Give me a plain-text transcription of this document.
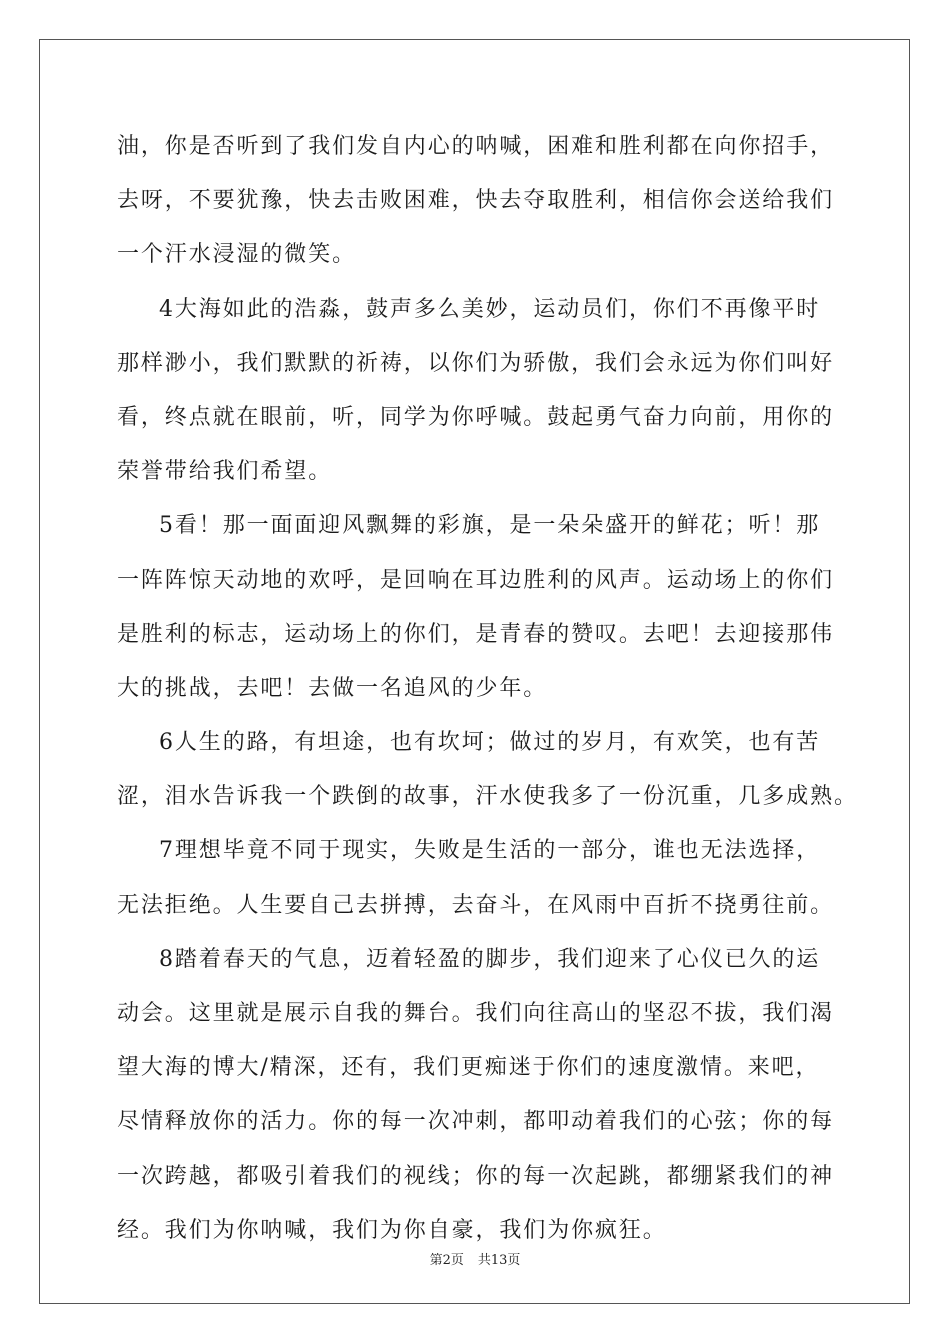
油，你是否听到了我们发自内心的呐喊，困难和胜利都在向你招手，
去呀，不要犹豫，快去击败困难，快去夺取胜利，相信你会送给我们
一个汗水浸湿的微笑。
4大海如此的浩淼，鼓声多么美妙，运动员们，你们不再像平时
那样渺小，我们默默的祈祷，以你们为骄傲，我们会永远为你们叫好
看，终点就在眼前，听，同学为你呼喊。鼓起勇气奋力向前，用你的
荣誉带给我们希望。
5看！那一面面迎风飘舞的彩旗，是一朵朵盛开的鲜花；听！那
一阵阵惊天动地的欢呼，是回响在耳边胜利的风声。运动场上的你们
是胜利的标志，运动场上的你们，是青春的赞叹。去吧！去迎接那伟
大的挑战，去吧！去做一名追风的少年。
6人生的路，有坦途，也有坎坷；做过的岁月，有欢笑，也有苦
涩，泪水告诉我一个跌倒的故事，汗水使我多了一份沉重，几多成熟。
7理想毕竟不同于现实，失败是生活的一部分，谁也无法选择，
无法拒绝。人生要自己去拼搏，去奋斗，在风雨中百折不挠勇往前。
8踏着春天的气息，迈着轻盈的脚步，我们迎来了心仪已久的运
动会。这里就是展示自我的舞台。我们向往高山的坚忍不拔，我们渴
望大海的博大/精深，还有，我们更痴迷于你们的速度激情。来吧，
尽情释放你的活力。你的每一次冲刺，都叩动着我们的心弦；你的每
一次跨越，都吸引着我们的视线；你的每一次起跳，都绷紧我们的神
经。我们为你呐喊，我们为你自豪，我们为你疯狂。
第2页 共13页
